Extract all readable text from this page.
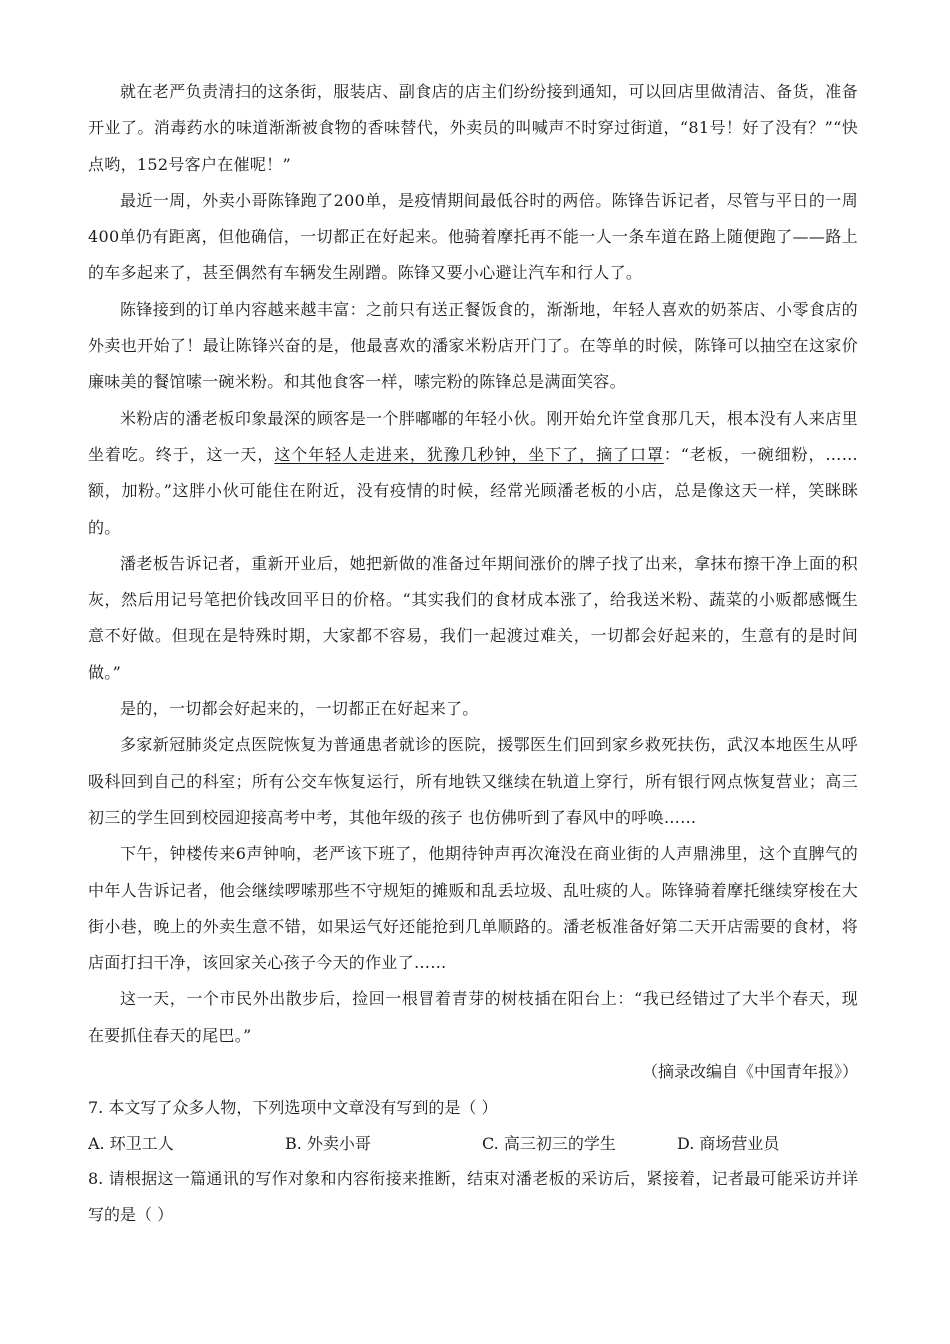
就在老严负责清扫的这条街，服装店、副食店的店主们纷纷接到通知，可以回店里做清洁、备货，准备开业了。消毒药水的味道渐渐被食物的香味替代，外卖员的叫喊声不时穿过街道，“81号！好了没有？”“快点哟，152号客户在催呢！”

最近一周，外卖小哥陈锋跑了200单，是疫情期间最低谷时的两倍。陈锋告诉记者，尽管与平日的一周400单仍有距离，但他确信，一切都正在好起来。他骑着摩托再不能一人一条车道在路上随便跑了——路上的车多起来了，甚至偶然有车辆发生剐蹭。陈锋又要小心避让汽车和行人了。

陈锋接到的订单内容越来越丰富：之前只有送正餐饭食的，渐渐地，年轻人喜欢的奶茶店、小零食店的外卖也开始了！最让陈锋兴奋的是，他最喜欢的潘家米粉店开门了。在等单的时候，陈锋可以抽空在这家价廉味美的餐馆嗦一碗米粉。和其他食客一样，嗦完粉的陈锋总是满面笑容。

米粉店的潘老板印象最深的顾客是一个胖嘟嘟的年轻小伙。刚开始允许堂食那几天，根本没有人来店里坐着吃。终于，这一天，这个年轻人走进来，犹豫几秒钟，坐下了，摘了口罩：“老板，一碗细粉，……额，加粉。”这胖小伙可能住在附近，没有疫情的时候，经常光顾潘老板的小店，总是像这天一样，笑眯眯的。

潘老板告诉记者，重新开业后，她把新做的准备过年期间涨价的牌子找了出来，拿抹布擦干净上面的积灰，然后用记号笔把价钱改回平日的价格。“其实我们的食材成本涨了，给我送米粉、蔬菜的小贩都感慨生意不好做。但现在是特殊时期，大家都不容易，我们一起渡过难关，一切都会好起来的，生意有的是时间做。”

是的，一切都会好起来的，一切都正在好起来了。

多家新冠肺炎定点医院恢复为普通患者就诊的医院，援鄂医生们回到家乡救死扶伤，武汉本地医生从呼吸科回到自己的科室；所有公交车恢复运行，所有地铁又继续在轨道上穿行，所有银行网点恢复营业；高三初三的学生回到校园迎接高考中考，其他年级的孩子 也仿佛听到了春风中的呼唤……

下午，钟楼传来6声钟响，老严该下班了，他期待钟声再次淹没在商业街的人声鼎沸里，这个直脾气的中年人告诉记者，他会继续啰嗦那些不守规矩的摊贩和乱丢垃圾、乱吐痰的人。陈锋骑着摩托继续穿梭在大街小巷，晚上的外卖生意不错，如果运气好还能抢到几单顺路的。潘老板准备好第二天开店需要的食材，将店面打扫干净，该回家关心孩子今天的作业了……

这一天，一个市民外出散步后，捡回一根冒着青芽的树枝插在阳台上：“我已经错过了大半个春天，现在要抓住春天的尾巴。”

（摘录改编自《中国青年报》）

7. 本文写了众多人物，下列选项中文章没有写到的是（ ）

A. 环卫工人	B. 外卖小哥	C. 高三初三的学生	D. 商场营业员

8. 请根据这一篇通讯的写作对象和内容衔接来推断，结束对潘老板的采访后，紧接着，记者最可能采访并详写的是（ ）
